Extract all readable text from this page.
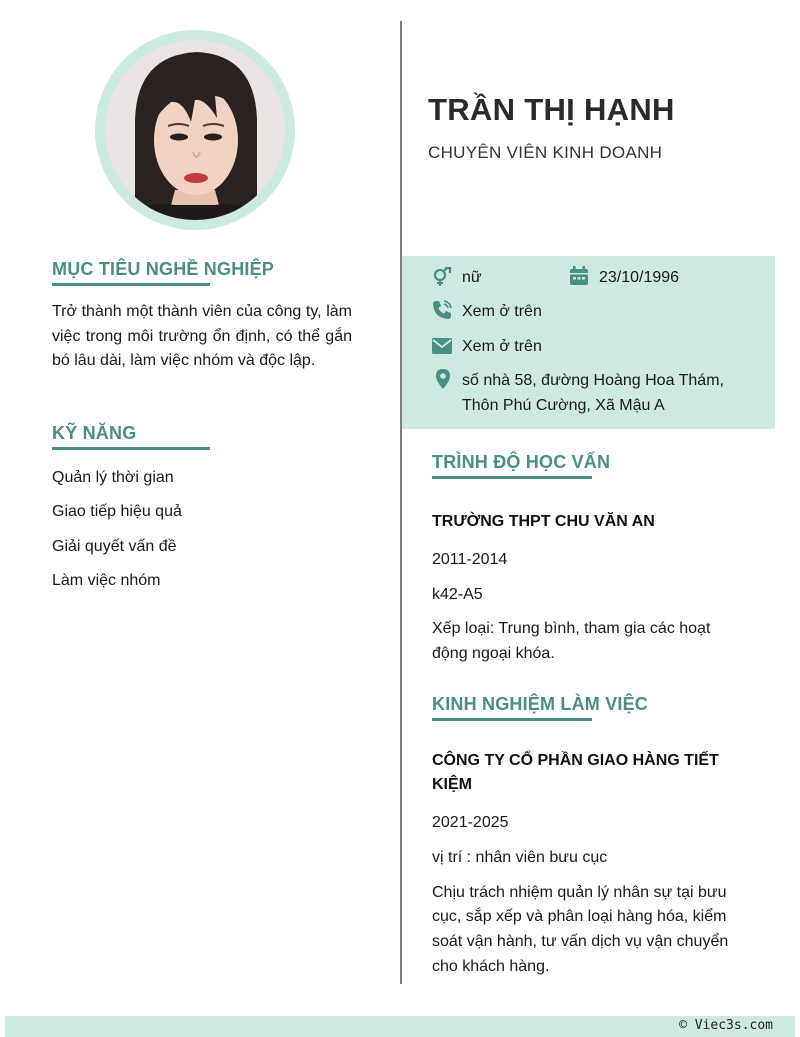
TRẦN THỊ HẠNH
CHUYÊN VIÊN KINH DOANH
MỤC TIÊU NGHỀ NGHIỆP
Trở thành một thành viên của công ty, làm việc trong môi trường ổn định, có thể gắn bó lâu dài, làm việc nhóm và độc lập.
KỸ NĂNG
Quản lý thời gian
Giao tiếp hiệu quả
Giải quyết vấn đề
Làm việc nhóm
nữ	23/10/1996
Xem ở trên
Xem ở trên
số nhà 58, đường Hoàng Hoa Thám,
Thôn Phú Cường, Xã Mậu A
TRÌNH ĐỘ HỌC VẤN
TRƯỜNG THPT CHU VĂN AN
2011-2014
k42-A5
Xếp loại: Trung bình, tham gia các hoạt
động ngoại khóa.
KINH NGHIỆM LÀM VIỆC
CÔNG TY CỔ PHẦN GIAO HÀNG TIẾT
KIỆM
2021-2025
vị trí : nhân viên bưu cục
Chịu trách nhiệm quản lý nhân sự tại bưu
cục, sắp xếp và phân loại hàng hóa, kiểm
soát vận hành, tư vấn dịch vụ vận chuyển
cho khách hàng.
© Viec3s.com
